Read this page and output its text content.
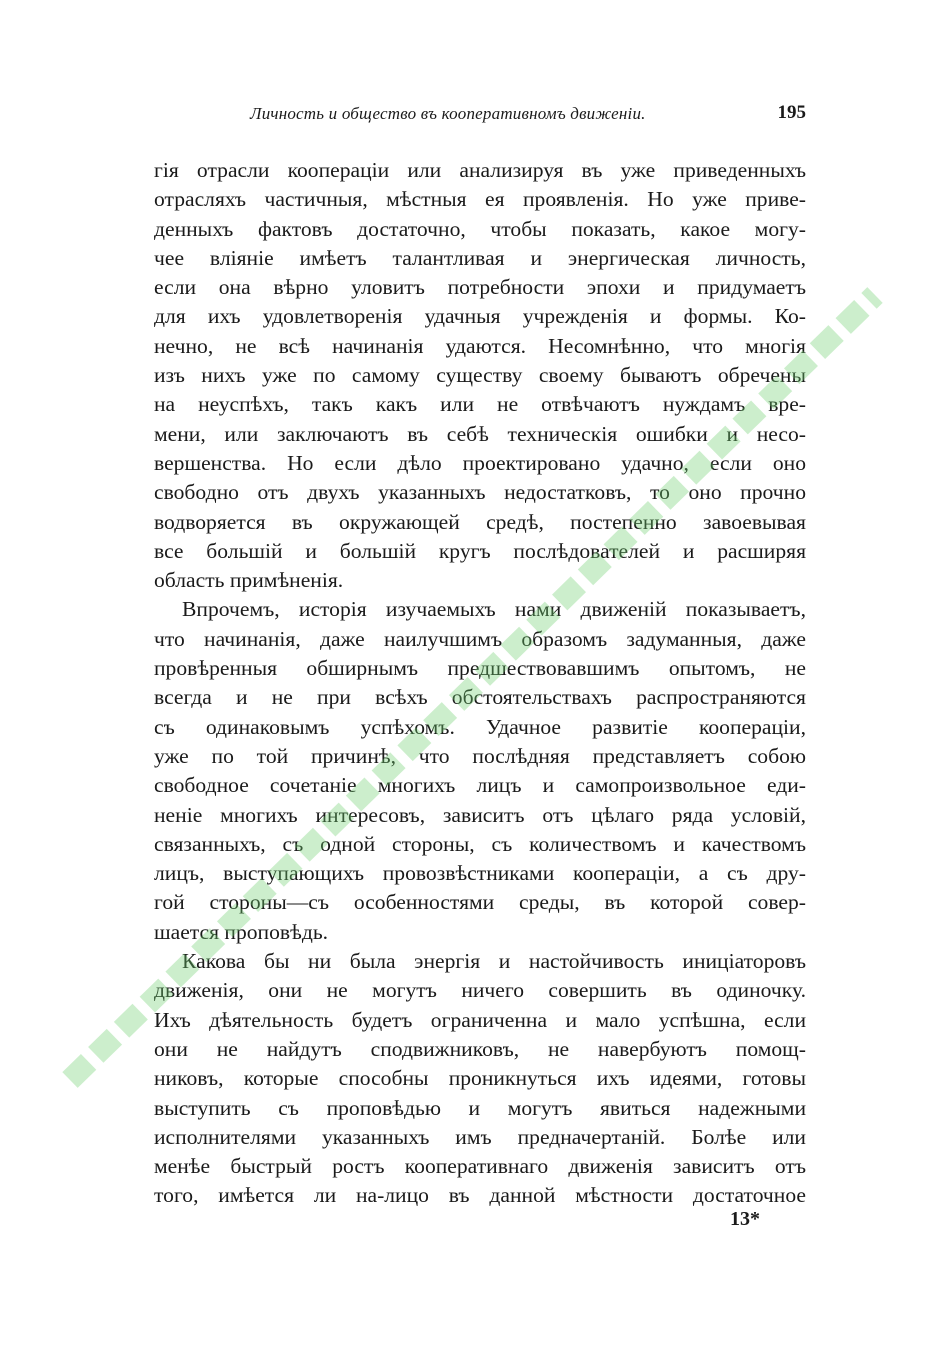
Личность и общество въ кооперативномъ движеніи.	195
гія отрасли коопераціи или анализируя въ уже приведенныхъ
отрасляхъ частичныя, мѣстныя ея проявленія. Но уже приве-
денныхъ фактовъ достаточно, чтобы показать, какое могу-
чее вліяніе имѣетъ талантливая и энергическая личность,
если она вѣрно уловитъ потребности эпохи и придумаетъ
для ихъ удовлетворенія удачныя учрежденія и формы. Ко-
нечно, не всѣ начинанія удаются. Несомнѣнно, что многія
изъ нихъ уже по самому существу своему бываютъ обречены
на неуспѣхъ, такъ какъ или не отвѣчаютъ нуждамъ вре-
мени, или заключаютъ въ себѣ техническія ошибки и несо-
вершенства. Но если дѣло проектировано удачно, если оно
свободно отъ двухъ указанныхъ недостатковъ, то оно прочно
водворяется въ окружающей средѣ, постепенно завоевывая
все большій и большій кругъ послѣдователей и расширяя
область примѣненія.
Впрочемъ, исторія изучаемыхъ нами движеній показываетъ,
что начинанія, даже наилучшимъ образомъ задуманныя, даже
провѣренныя обширнымъ предшествовавшимъ опытомъ, не
всегда и не при всѣхъ обстоятельствахъ распространяются
съ одинаковымъ успѣхомъ. Удачное развитіе коопераціи,
уже по той причинѣ, что послѣдняя представляетъ собою
свободное сочетаніе многихъ лицъ и самопроизвольное еди-
неніе многихъ интересовъ, зависитъ отъ цѣлаго ряда условій,
связанныхъ, съ одной стороны, съ количествомъ и качествомъ
лицъ, выступающихъ провозвѣстниками коопераціи, а съ дру-
гой стороны—съ особенностями среды, въ которой совер-
шается проповѣдь.
Какова бы ни была энергія и настойчивость иниціаторовъ
движенія, они не могутъ ничего совершить въ одиночку.
Ихъ дѣятельность будетъ ограниченна и мало успѣшна, если
они не найдутъ сподвижниковъ, не навербуютъ помощ-
никовъ, которые способны проникнуться ихъ идеями, готовы
выступить съ проповѣдью и могутъ явиться надежными
исполнителями указанныхъ имъ предначертаній. Болѣе или
менѣе быстрый ростъ кооперативнаго движенія зависитъ отъ
того, имѣется ли на-лицо въ данной мѣстности достаточное
13*
